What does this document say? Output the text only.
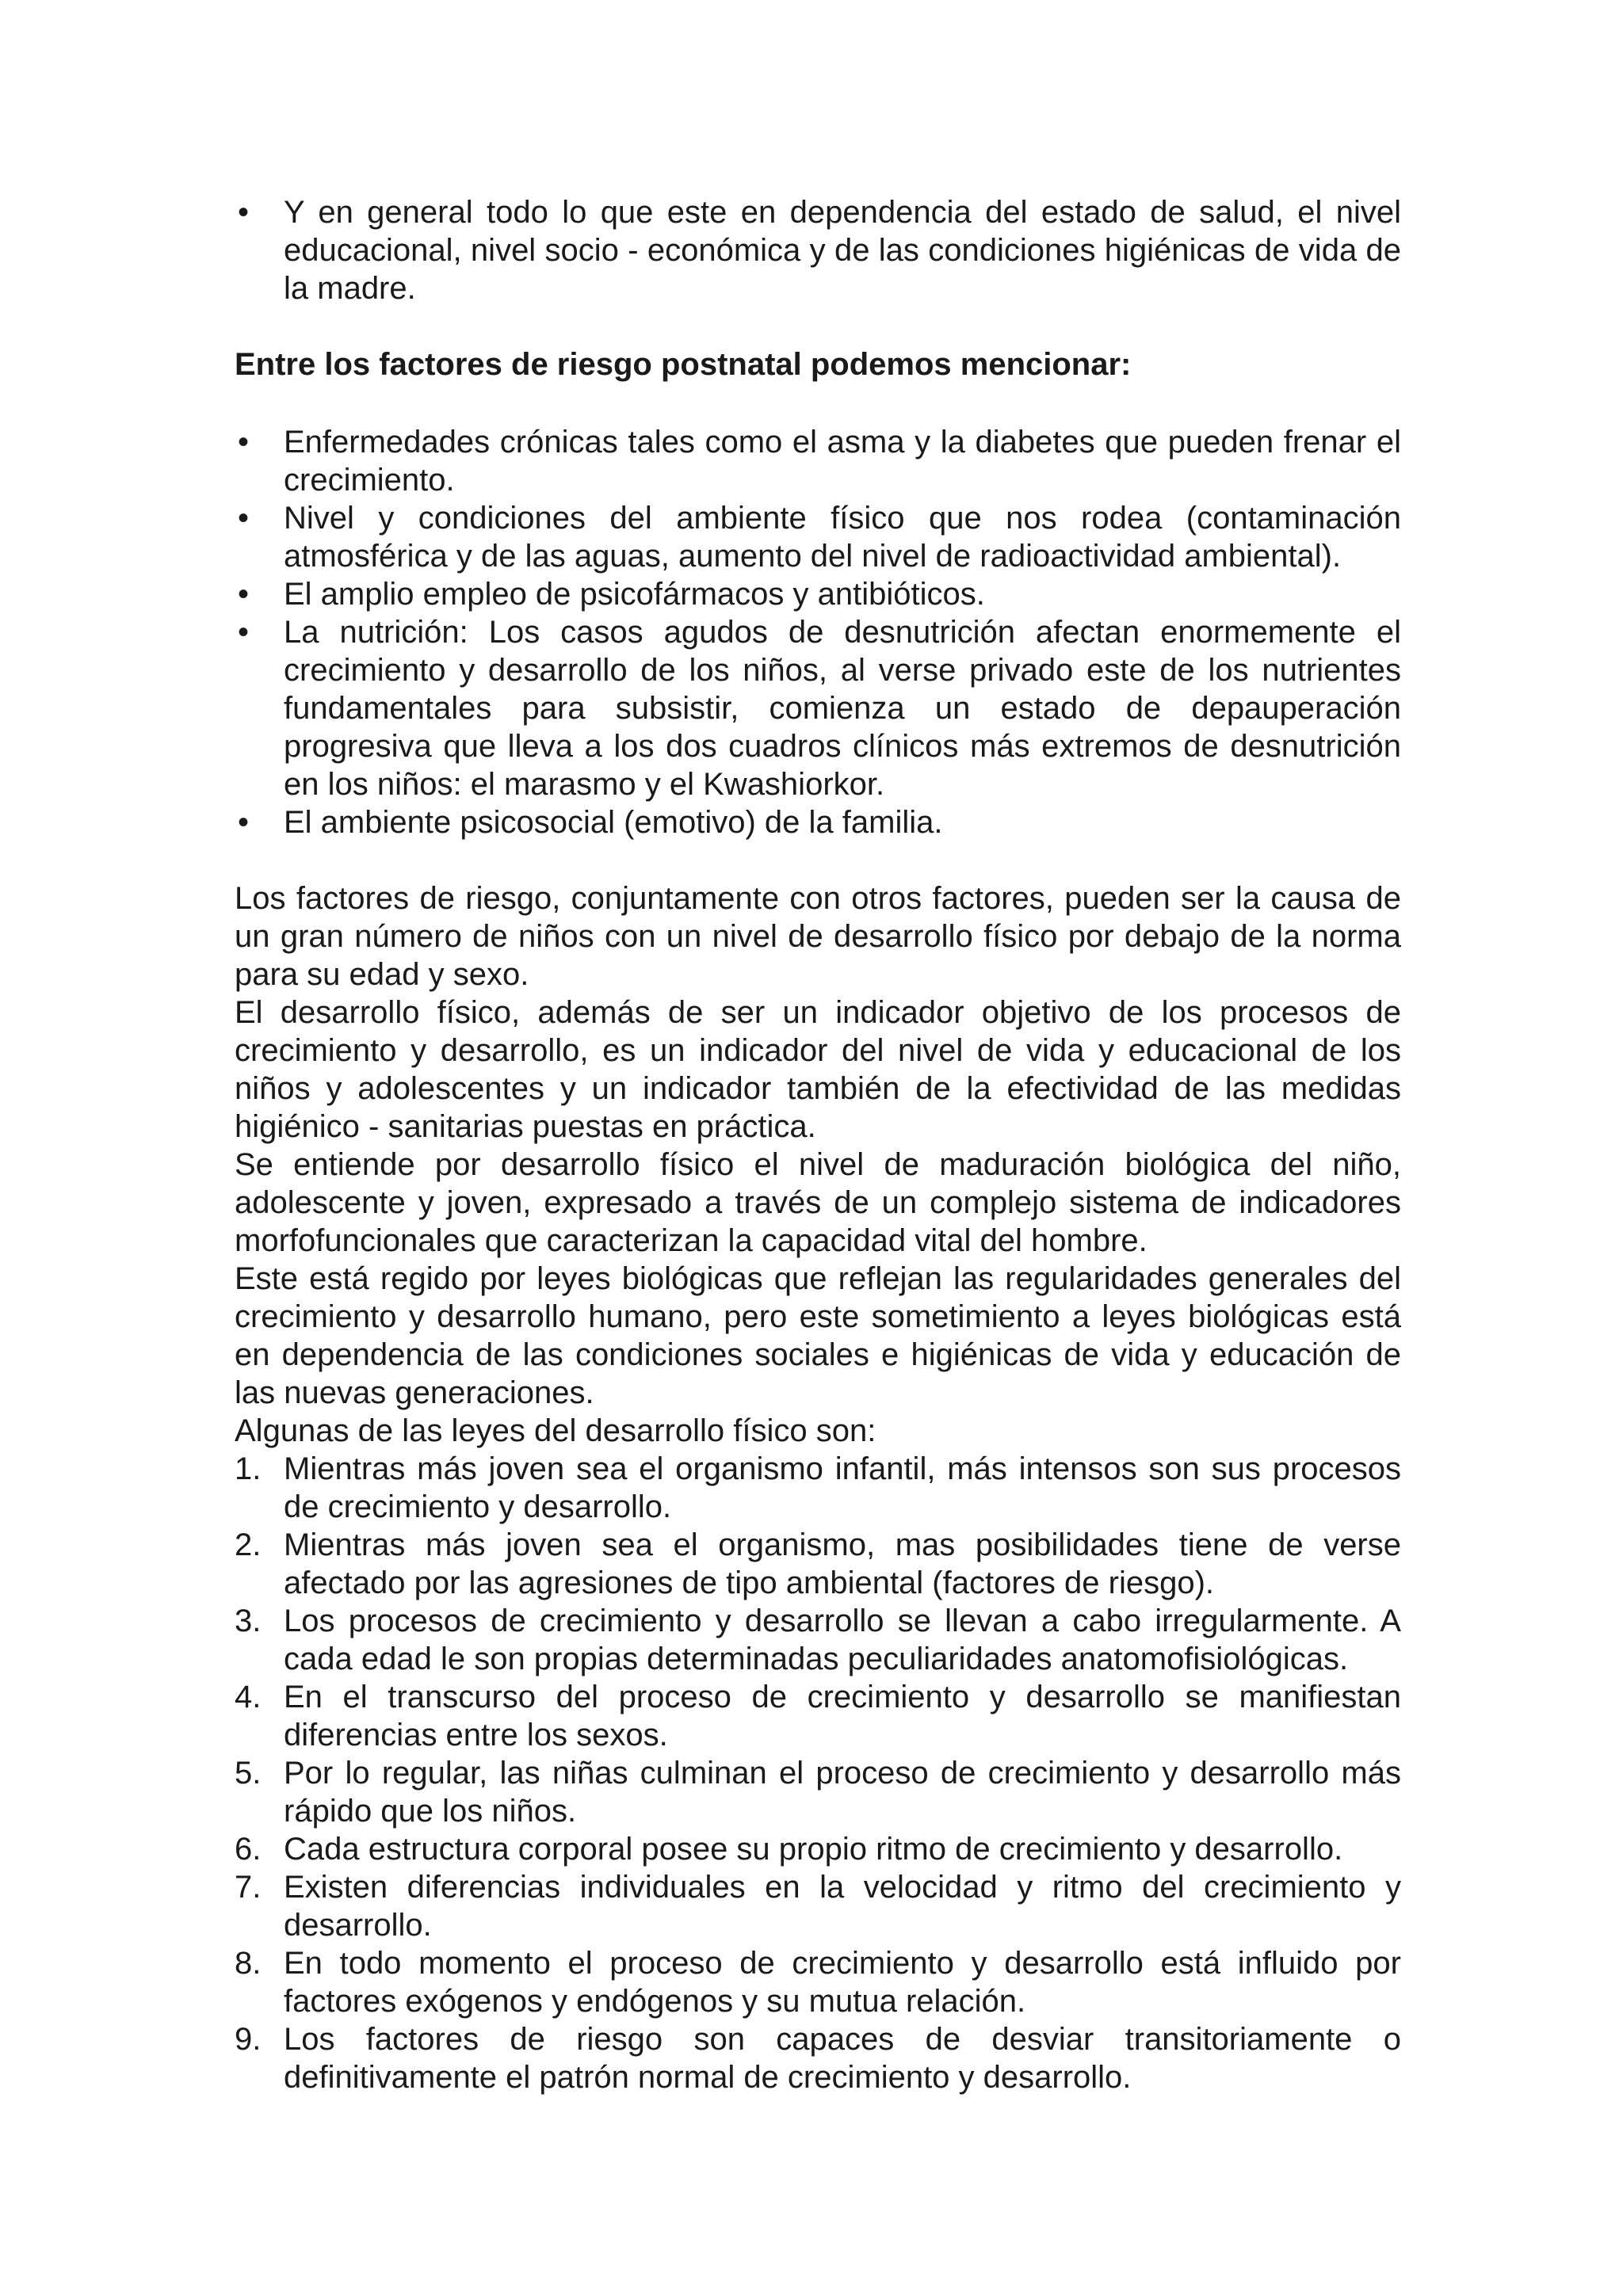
• Y en general todo lo que este en dependencia del estado de salud, el nivel educacional, nivel socio - económica y de las condiciones higiénicas de vida de la madre.

Entre los factores de riesgo postnatal podemos mencionar:

• Enfermedades crónicas tales como el asma y la diabetes que pueden frenar el crecimiento.
• Nivel y condiciones del ambiente físico que nos rodea (contaminación atmosférica y de las aguas, aumento del nivel de radioactividad ambiental).
• El amplio empleo de psicofármacos y antibióticos.
• La nutrición: Los casos agudos de desnutrición afectan enormemente el crecimiento y desarrollo de los niños, al verse privado este de los nutrientes fundamentales para subsistir, comienza un estado de depauperación progresiva que lleva a los dos cuadros clínicos más extremos de desnutrición en los niños: el marasmo y el Kwashiorkor.
• El ambiente psicosocial (emotivo) de la familia.

Los factores de riesgo, conjuntamente con otros factores, pueden ser la causa de un gran número de niños con un nivel de desarrollo físico por debajo de la norma para su edad y sexo.

El desarrollo físico, además de ser un indicador objetivo de los procesos de crecimiento y desarrollo, es un indicador del nivel de vida y educacional de los niños y adolescentes y un indicador también de la efectividad de las medidas higiénico - sanitarias puestas en práctica.

Se entiende por desarrollo físico el nivel de maduración biológica del niño, adolescente y joven, expresado a través de un complejo sistema de indicadores morfofuncionales que caracterizan la capacidad vital del hombre.

Este está regido por leyes biológicas que reflejan las regularidades generales del crecimiento y desarrollo humano, pero este sometimiento a leyes biológicas está en dependencia de las condiciones sociales e higiénicas de vida y educación de las nuevas generaciones.

Algunas de las leyes del desarrollo físico son:

1. Mientras más joven sea el organismo infantil, más intensos son sus procesos de crecimiento y desarrollo.
2. Mientras más joven sea el organismo, mas posibilidades tiene de verse afectado por las agresiones de tipo ambiental (factores de riesgo).
3. Los procesos de crecimiento y desarrollo se llevan a cabo irregularmente. A cada edad le son propias determinadas peculiaridades anatomofisiológicas.
4. En el transcurso del proceso de crecimiento y desarrollo se manifiestan diferencias entre los sexos.
5. Por lo regular, las niñas culminan el proceso de crecimiento y desarrollo más rápido que los niños.
6. Cada estructura corporal posee su propio ritmo de crecimiento y desarrollo.
7. Existen diferencias individuales en la velocidad y ritmo del crecimiento y desarrollo.
8. En todo momento el proceso de crecimiento y desarrollo está influido por factores exógenos y endógenos y su mutua relación.
9. Los factores de riesgo son capaces de desviar transitoriamente o definitivamente el patrón normal de crecimiento y desarrollo.
